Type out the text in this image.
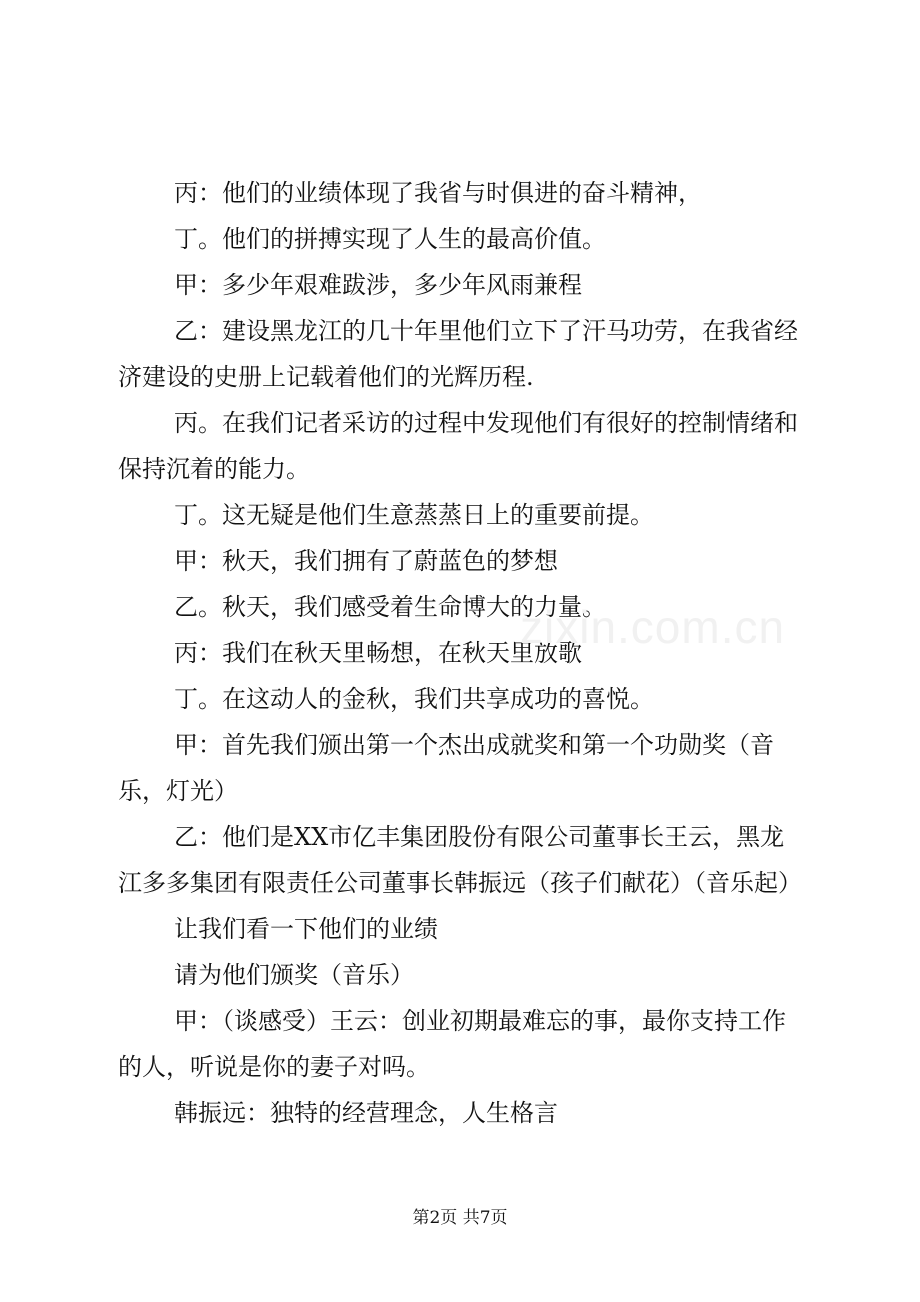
丙：他们的业绩体现了我省与时俱进的奋斗精神，

丁。他们的拼搏实现了人生的最高价值。

甲：多少年艰难跋涉，多少年风雨兼程

乙：建设黑龙江的几十年里他们立下了汗马功劳，在我省经济建设的史册上记载着他们的光辉历程.

丙。在我们记者采访的过程中发现他们有很好的控制情绪和保持沉着的能力。

丁。这无疑是他们生意蒸蒸日上的重要前提。

甲：秋天，我们拥有了蔚蓝色的梦想

乙。秋天，我们感受着生命博大的力量。

丙：我们在秋天里畅想，在秋天里放歌

丁。在这动人的金秋，我们共享成功的喜悦。

甲：首先我们颁出第一个杰出成就奖和第一个功勋奖（音乐，灯光）

乙：他们是XX市亿丰集团股份有限公司董事长王云，黑龙江多多集团有限责任公司董事长韩振远（孩子们献花）（音乐起）

让我们看一下他们的业绩

请为他们颁奖（音乐）

甲：（谈感受）王云：创业初期最难忘的事，最你支持工作的人，听说是你的妻子对吗。

韩振远：独特的经营理念，人生格言

zixin.com.cn
第2页 共7页
